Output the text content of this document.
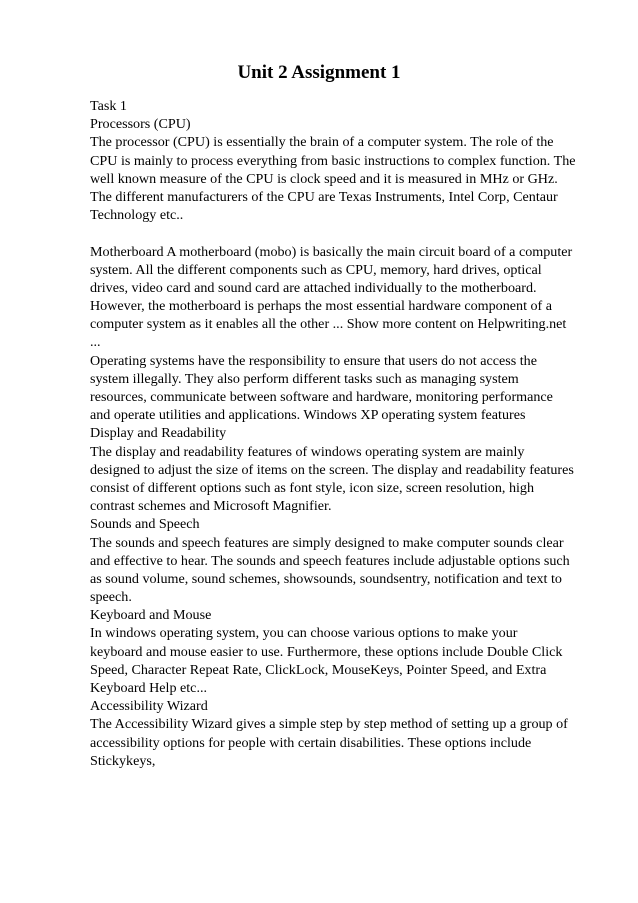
Unit 2 Assignment 1
Task 1
Processors (CPU)
The processor (CPU) is essentially the brain of a computer system. The role of the
CPU is mainly to process everything from basic instructions to complex function. The
well known measure of the CPU is clock speed and it is measured in MHz or GHz.
The different manufacturers of the CPU are Texas Instruments, Intel Corp, Centaur
Technology etc..
Motherboard A motherboard (mobo) is basically the main circuit board of a computer
system. All the different components such as CPU, memory, hard drives, optical
drives, video card and sound card are attached individually to the motherboard.
However, the motherboard is perhaps the most essential hardware component of a
computer system as it enables all the other ... Show more content on Helpwriting.net
...
Operating systems have the responsibility to ensure that users do not access the
system illegally. They also perform different tasks such as managing system
resources, communicate between software and hardware, monitoring performance
and operate utilities and applications. Windows XP operating system features
Display and Readability
The display and readability features of windows operating system are mainly
designed to adjust the size of items on the screen. The display and readability features
consist of different options such as font style, icon size, screen resolution, high
contrast schemes and Microsoft Magnifier.
Sounds and Speech
The sounds and speech features are simply designed to make computer sounds clear
and effective to hear. The sounds and speech features include adjustable options such
as sound volume, sound schemes, showsounds, soundsentry, notification and text to
speech.
Keyboard and Mouse
In windows operating system, you can choose various options to make your
keyboard and mouse easier to use. Furthermore, these options include Double Click
Speed, Character Repeat Rate, ClickLock, MouseKeys, Pointer Speed, and Extra
Keyboard Help etc...
Accessibility Wizard
The Accessibility Wizard gives a simple step by step method of setting up a group of
accessibility options for people with certain disabilities. These options include
Stickykeys,
